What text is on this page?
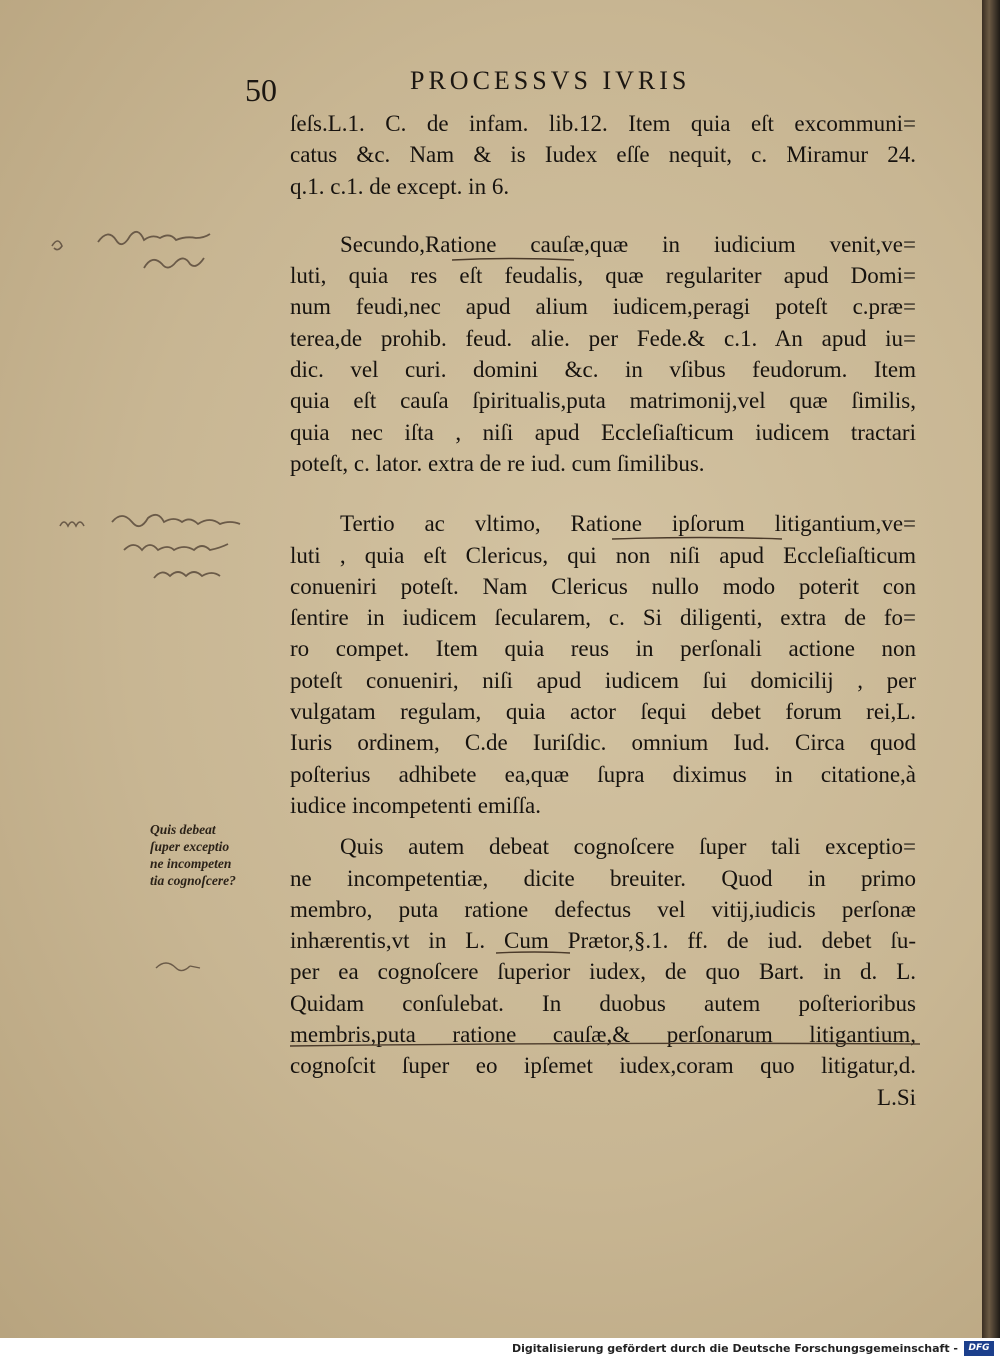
50	PROCESSVS IVRIS
Quis debeat
ſuper exceptio
ne incompeten
tia cognoſcere?
ſeſs.L.1. C. de infam. lib.12. Item quia eſt excommuni=
catus &c. Nam & is Iudex eſſe nequit, c. Miramur 24.
q.1. c.1. de except. in 6.
Secundo,Ratione cauſæ,quæ in iudicium venit,ve=
luti, quia res eſt feudalis, quæ regulariter apud Domi=
num feudi,nec apud alium iudicem,peragi poteſt c.præ=
terea,de prohib. feud. alie. per Fede.& c.1. An apud iu=
dic. vel curi. domini &c. in vſibus feudorum. Item
quia eſt cauſa ſpiritualis,puta matrimonij,vel quæ ſimilis,
quia nec iſta , niſi apud Eccleſiaſticum iudicem tractari
poteſt, c. lator. extra de re iud. cum ſimilibus.
Tertio ac vltimo, Ratione ipſorum litigantium,ve=
luti , quia eſt Clericus, qui non niſi apud Eccleſiaſticum
conueniri poteſt. Nam Clericus nullo modo poterit con
ſentire in iudicem ſecularem, c. Si diligenti, extra de fo=
ro compet. Item quia reus in perſonali actione non
poteſt conueniri, niſi apud iudicem ſui domicilij , per
vulgatam regulam, quia actor ſequi debet forum rei,L.
Iuris ordinem, C.de Iuriſdic. omnium Iud. Circa quod
poſterius adhibete ea,quæ ſupra diximus in citatione,à
iudice incompetenti emiſſa.
Quis autem debeat cognoſcere ſuper tali exceptio=
ne incompetentiæ, dicite breuiter. Quod in primo
membro, puta ratione defectus vel vitij,iudicis perſonæ
inhærentis,vt in L. Cum Prætor,§.1. ff. de iud. debet ſu-
per ea cognoſcere ſuperior iudex, de quo Bart. in d. L.
Quidam conſulebat. In duobus autem poſterioribus
membris,puta ratione cauſæ,& perſonarum litigantium,
cognoſcit ſuper eo ipſemet iudex,coram quo litigatur,d.
L.Si
Digitalisierung gefördert durch die Deutsche Forschungsgemeinschaft -	DFG
